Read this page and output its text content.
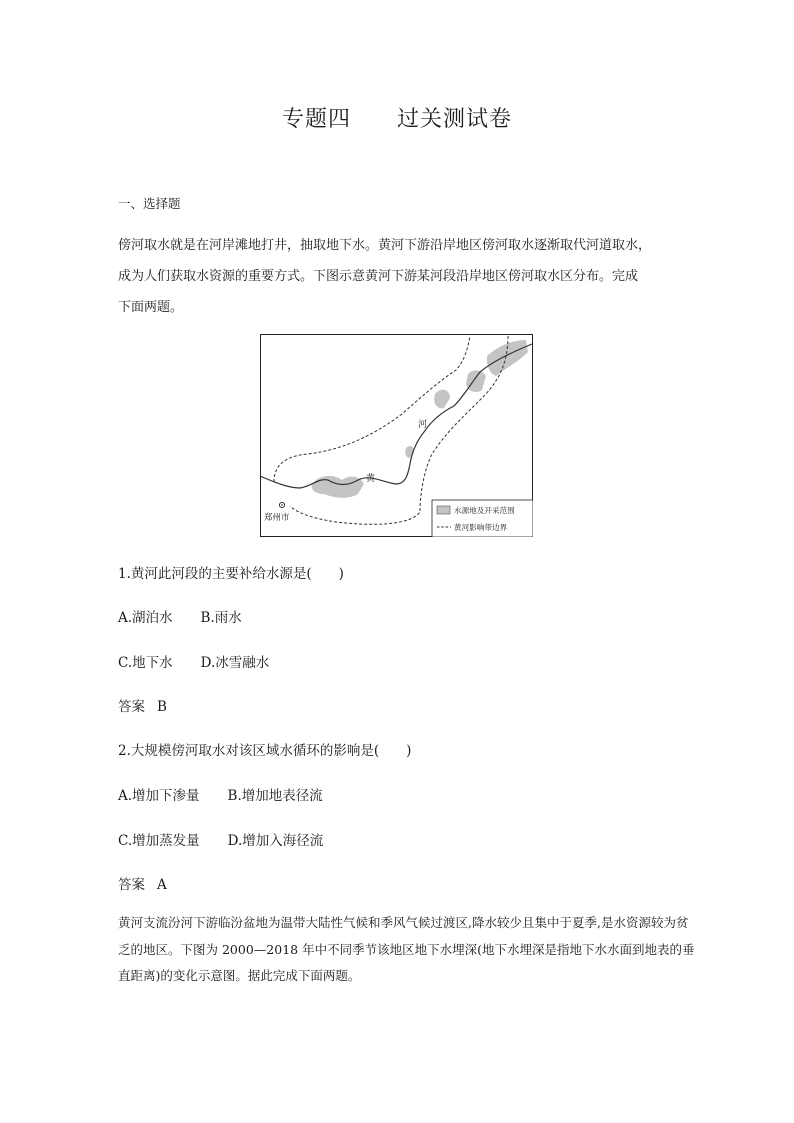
专题四　　过关测试卷
一、选择题
傍河取水就是在河岸滩地打井，抽取地下水。黄河下游沿岸地区傍河取水逐渐取代河道取水，
成为人们获取水资源的重要方式。下图示意黄河下游某河段沿岸地区傍河取水区分布。完成
下面两题。
河
黄
郑州市
水源地及开采范围
黄河影响带边界
1.黄河此河段的主要补给水源是(　　)
A.湖泊水 B.雨水
C.地下水 D.冰雪融水
答案 B
2.大规模傍河取水对该区域水循环的影响是(　　)
A.增加下渗量 B.增加地表径流
C.增加蒸发量 D.增加入海径流
答案 A
黄河支流汾河下游临汾盆地为温带大陆性气候和季风气候过渡区,降水较少且集中于夏季,是水资源较为贫
乏的地区。下图为 2000—2018 年中不同季节该地区地下水埋深(地下水埋深是指地下水水面到地表的垂
直距离)的变化示意图。据此完成下面两题。
